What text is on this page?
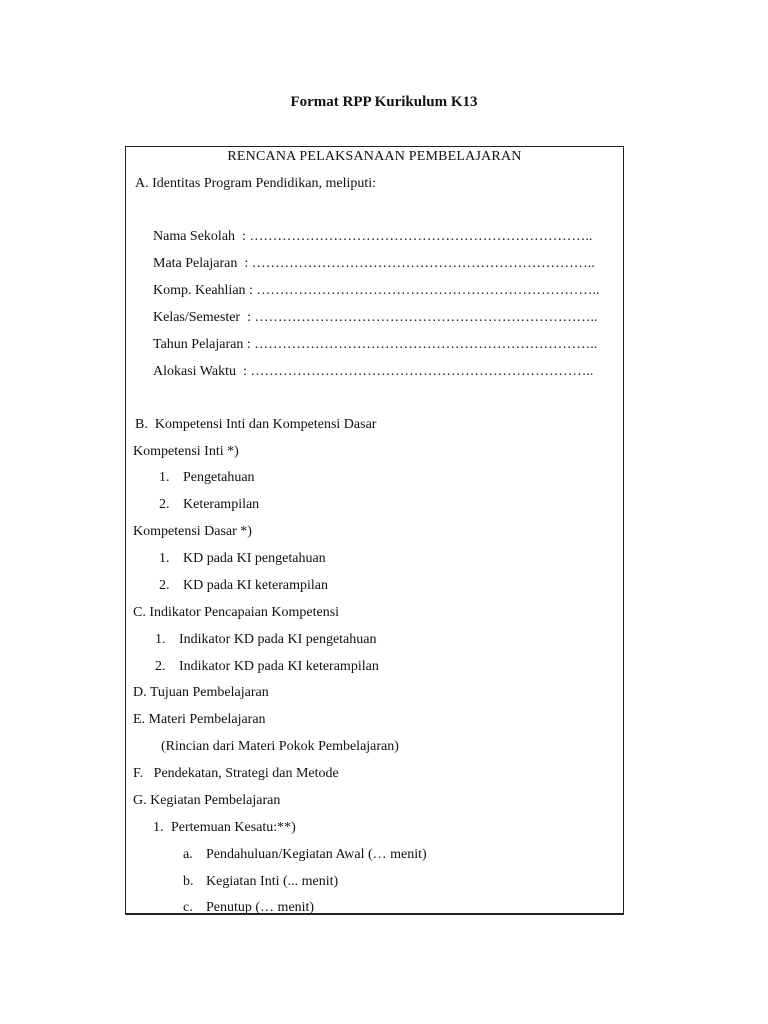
Format RPP Kurikulum K13
RENCANA PELAKSANAAN PEMBELAJARAN
A. Identitas Program Pendidikan, meliputi:
Nama Sekolah  : ………………………………………………………………..
Mata Pelajaran  : ………………………………………………………………..
Komp. Keahlian : ………………………………………………………………..
Kelas/Semester  : ………………………………………………………………..
Tahun Pelajaran : ………………………………………………………………..
Alokasi Waktu  : ………………………………………………………………..
B.  Kompetensi Inti dan Kompetensi Dasar
Kompetensi Inti *)
1. Pengetahuan
2. Keterampilan
Kompetensi Dasar *)
1. KD pada KI pengetahuan
2. KD pada KI keterampilan
C. Indikator Pencapaian Kompetensi
1. Indikator KD pada KI pengetahuan
2. Indikator KD pada KI keterampilan
D. Tujuan Pembelajaran
E. Materi Pembelajaran
(Rincian dari Materi Pokok Pembelajaran)
F.   Pendekatan, Strategi dan Metode
G. Kegiatan Pembelajaran
1. Pertemuan Kesatu:**)
a. Pendahuluan/Kegiatan Awal (… menit)
b. Kegiatan Inti (... menit)
c. Penutup (… menit)
